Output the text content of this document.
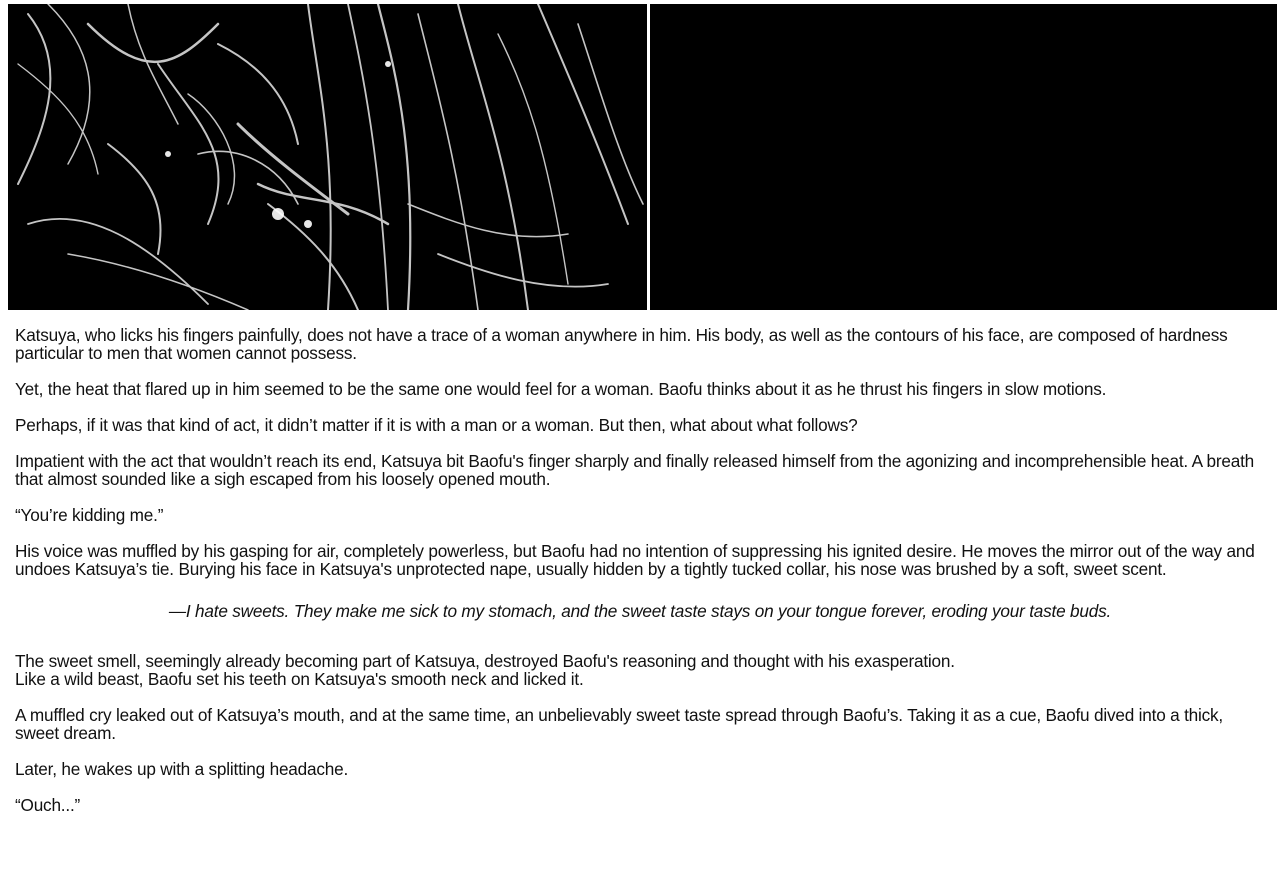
Katsuya, who licks his fingers painfully, does not have a trace of a woman anywhere in him. His body, as well as the contours of his face, are composed of hardness particular to men that women cannot possess.

Yet, the heat that flared up in him seemed to be the same one would feel for a woman. Baofu thinks about it as he thrust his fingers in slow motions.

Perhaps, if it was that kind of act, it didn’t matter if it is with a man or a woman. But then, what about what follows?

Impatient with the act that wouldn’t reach its end, Katsuya bit Baofu's finger sharply and finally released himself from the agonizing and incomprehensible heat. A breath that almost sounded like a sigh escaped from his loosely opened mouth.

“You’re kidding me.”

His voice was muffled by his gasping for air, completely powerless, but Baofu had no intention of suppressing his ignited desire. He moves the mirror out of the way and undoes Katsuya’s tie. Burying his face in Katsuya's unprotected nape, usually hidden by a tightly tucked collar, his nose was brushed by a soft, sweet scent.

—I hate sweets. They make me sick to my stomach, and the sweet taste stays on your tongue forever, eroding your taste buds.

The sweet smell, seemingly already becoming part of Katsuya, destroyed Baofu's reasoning and thought with his exasperation.
Like a wild beast, Baofu set his teeth on Katsuya's smooth neck and licked it.

A muffled cry leaked out of Katsuya’s mouth, and at the same time, an unbelievably sweet taste spread through Baofu’s. Taking it as a cue, Baofu dived into a thick, sweet dream.

Later, he wakes up with a splitting headache.

“Ouch...”
